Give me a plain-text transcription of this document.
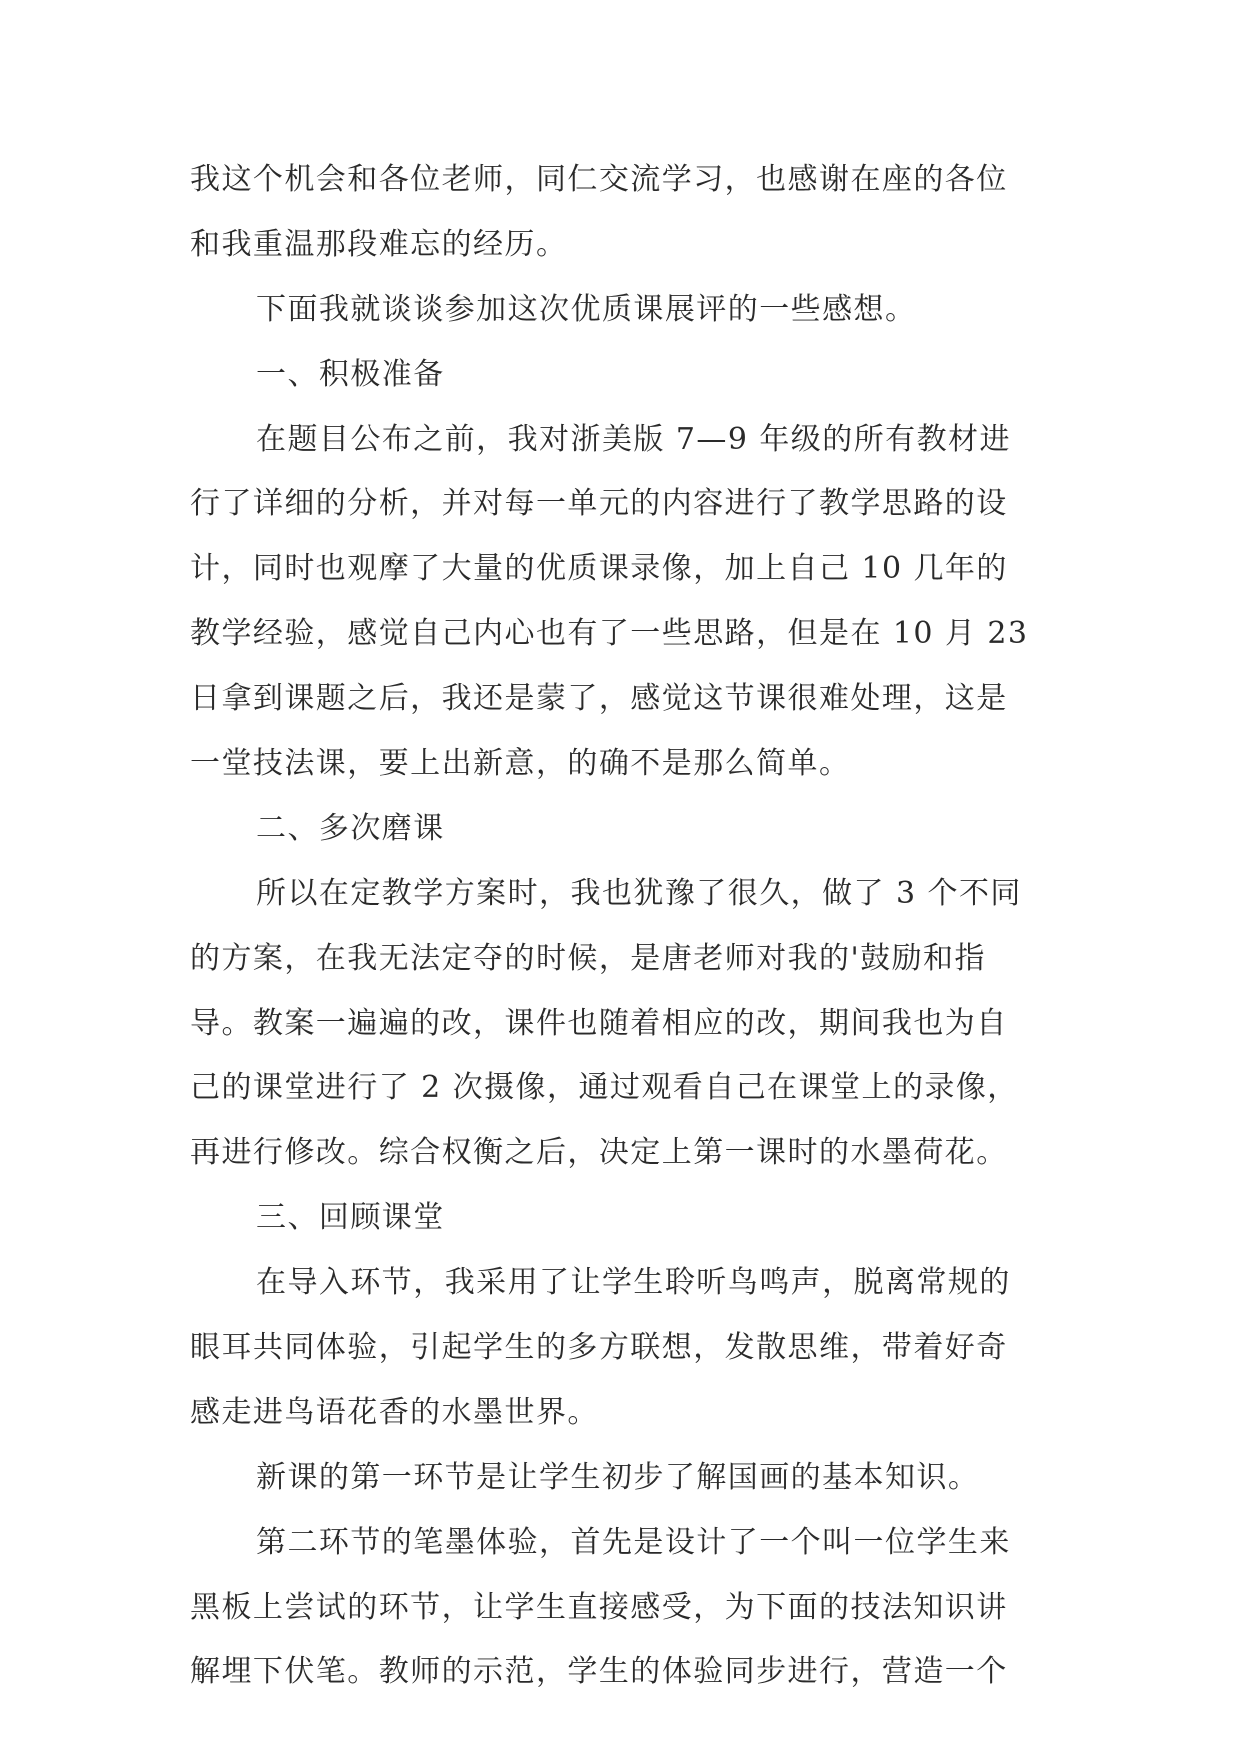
我这个机会和各位老师，同仁交流学习，也感谢在座的各位
和我重温那段难忘的经历。
下面我就谈谈参加这次优质课展评的一些感想。
一、积极准备
在题目公布之前，我对浙美版 7—9 年级的所有教材进
行了详细的分析，并对每一单元的内容进行了教学思路的设
计，同时也观摩了大量的优质课录像，加上自己 10 几年的
教学经验，感觉自己内心也有了一些思路，但是在 10 月 23
日拿到课题之后，我还是蒙了，感觉这节课很难处理，这是
一堂技法课，要上出新意，的确不是那么简单。
二、多次磨课
所以在定教学方案时，我也犹豫了很久，做了 3 个不同
的方案，在我无法定夺的时候，是唐老师对我的'鼓励和指
导。教案一遍遍的改，课件也随着相应的改，期间我也为自
己的课堂进行了 2 次摄像，通过观看自己在课堂上的录像，
再进行修改。综合权衡之后，决定上第一课时的水墨荷花。
三、回顾课堂
在导入环节，我采用了让学生聆听鸟鸣声，脱离常规的
眼耳共同体验，引起学生的多方联想，发散思维，带着好奇
感走进鸟语花香的水墨世界。
新课的第一环节是让学生初步了解国画的基本知识。
第二环节的笔墨体验，首先是设计了一个叫一位学生来
黑板上尝试的环节，让学生直接感受，为下面的技法知识讲
解埋下伏笔。教师的示范，学生的体验同步进行，营造一个
